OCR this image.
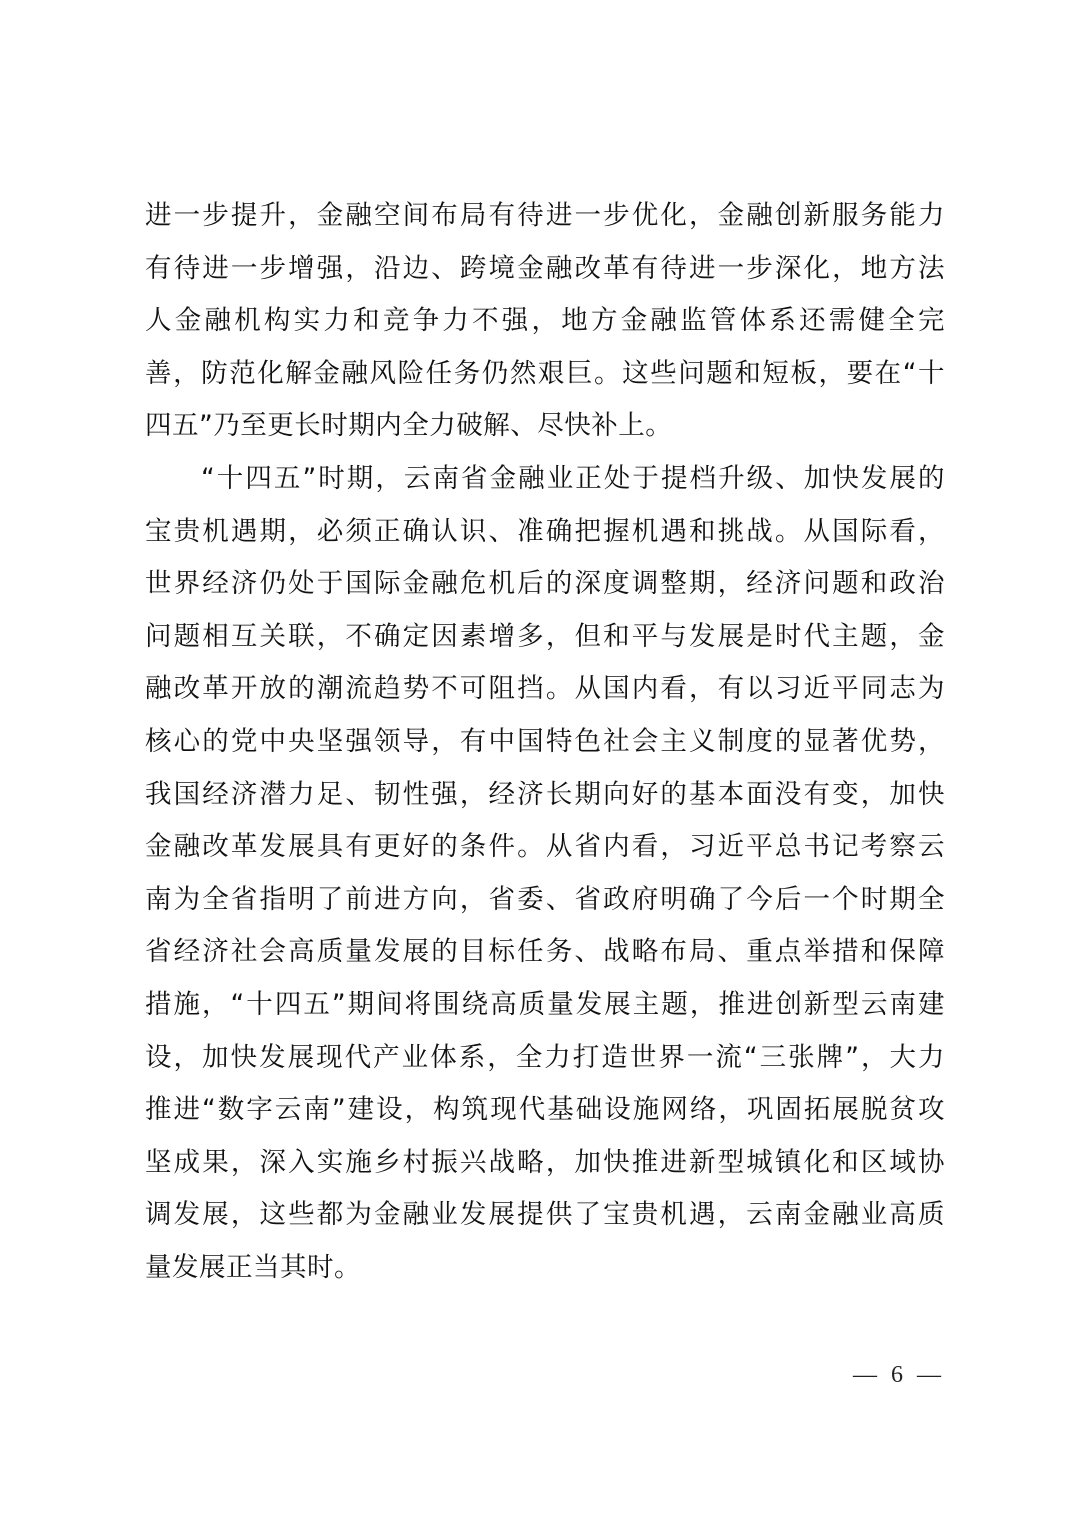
进一步提升，金融空间布局有待进一步优化，金融创新服务能力
有待进一步增强，沿边、跨境金融改革有待进一步深化，地方法
人金融机构实力和竞争力不强，地方金融监管体系还需健全完
善，防范化解金融风险任务仍然艰巨。这些问题和短板，要在“十
四五”乃至更长时期内全力破解、尽快补上。
“十四五”时期，云南省金融业正处于提档升级、加快发展的
宝贵机遇期，必须正确认识、准确把握机遇和挑战。从国际看，
世界经济仍处于国际金融危机后的深度调整期，经济问题和政治
问题相互关联，不确定因素增多，但和平与发展是时代主题，金
融改革开放的潮流趋势不可阻挡。从国内看，有以习近平同志为
核心的党中央坚强领导，有中国特色社会主义制度的显著优势，
我国经济潜力足、韧性强，经济长期向好的基本面没有变，加快
金融改革发展具有更好的条件。从省内看，习近平总书记考察云
南为全省指明了前进方向，省委、省政府明确了今后一个时期全
省经济社会高质量发展的目标任务、战略布局、重点举措和保障
措施，“十四五”期间将围绕高质量发展主题，推进创新型云南建
设，加快发展现代产业体系，全力打造世界一流“三张牌”，大力
推进“数字云南”建设，构筑现代基础设施网络，巩固拓展脱贫攻
坚成果，深入实施乡村振兴战略，加快推进新型城镇化和区域协
调发展，这些都为金融业发展提供了宝贵机遇，云南金融业高质
量发展正当其时。
— 6 —
